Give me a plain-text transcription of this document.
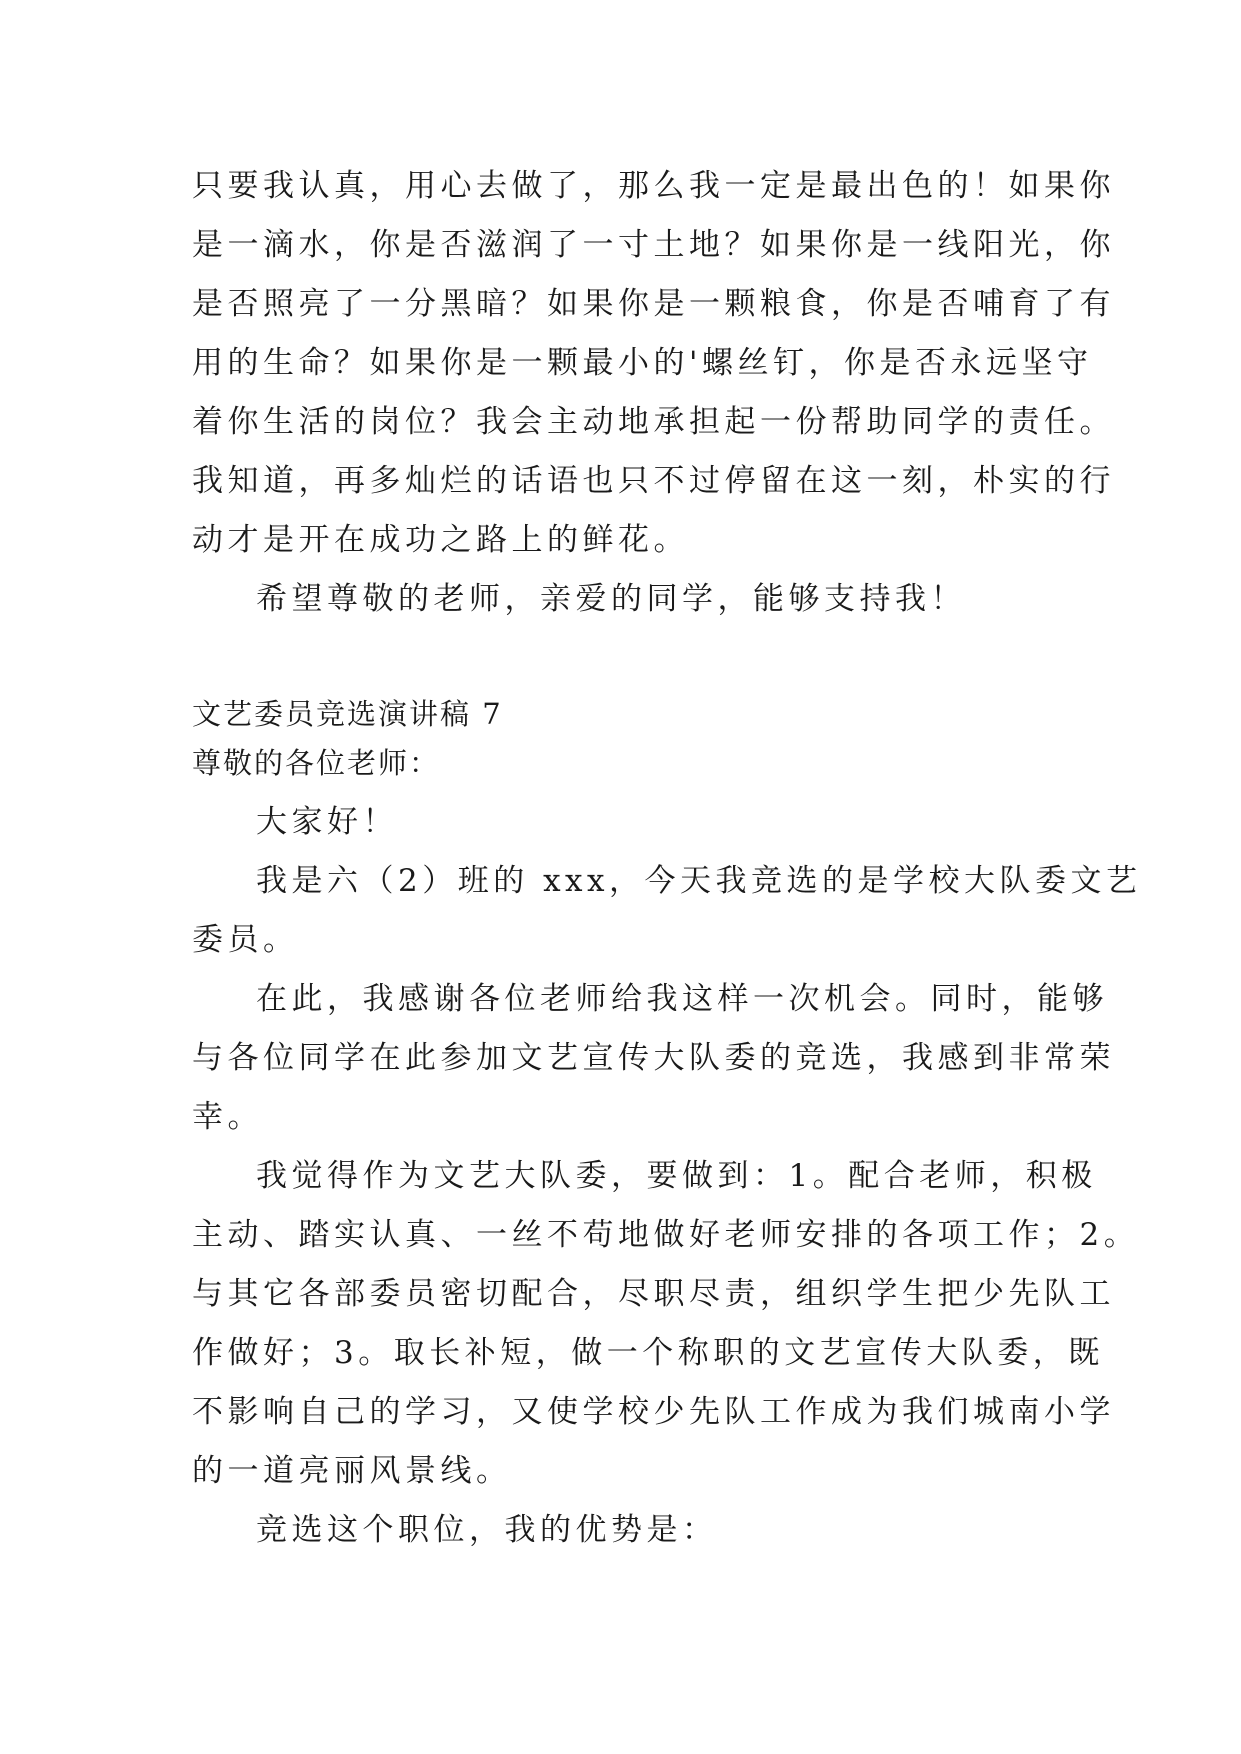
只要我认真，用心去做了，那么我一定是最出色的！如果你

是一滴水，你是否滋润了一寸土地？如果你是一线阳光，你

是否照亮了一分黑暗？如果你是一颗粮食，你是否哺育了有

用的生命？如果你是一颗最小的'螺丝钉，你是否永远坚守

着你生活的岗位？我会主动地承担起一份帮助同学的责任。

我知道，再多灿烂的话语也只不过停留在这一刻，朴实的行

动才是开在成功之路上的鲜花。

希望尊敬的老师，亲爱的同学，能够支持我！

文艺委员竞选演讲稿 7

尊敬的各位老师：

大家好！

我是六（2）班的 xxx，今天我竞选的是学校大队委文艺

委员。

在此，我感谢各位老师给我这样一次机会。同时，能够

与各位同学在此参加文艺宣传大队委的竞选，我感到非常荣

幸。

我觉得作为文艺大队委，要做到：1。配合老师，积极

主动、踏实认真、一丝不苟地做好老师安排的各项工作；2。

与其它各部委员密切配合，尽职尽责，组织学生把少先队工

作做好；3。取长补短，做一个称职的文艺宣传大队委，既

不影响自己的学习，又使学校少先队工作成为我们城南小学

的一道亮丽风景线。

竞选这个职位，我的优势是：
